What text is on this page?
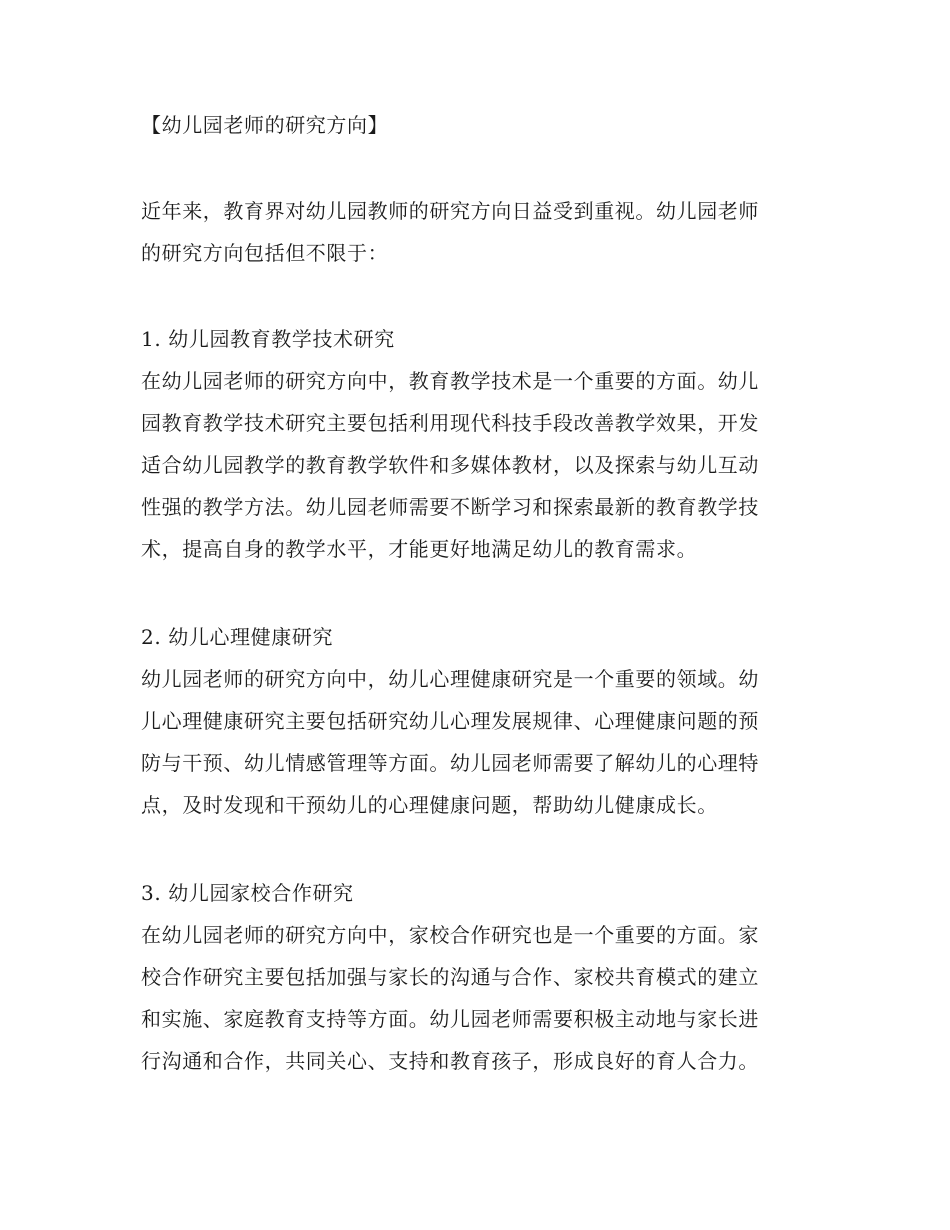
【幼儿园老师的研究方向】
近年来，教育界对幼儿园教师的研究方向日益受到重视。幼儿园老师
的研究方向包括但不限于：
1. 幼儿园教育教学技术研究
在幼儿园老师的研究方向中，教育教学技术是一个重要的方面。幼儿
园教育教学技术研究主要包括利用现代科技手段改善教学效果，开发
适合幼儿园教学的教育教学软件和多媒体教材，以及探索与幼儿互动
性强的教学方法。幼儿园老师需要不断学习和探索最新的教育教学技
术，提高自身的教学水平，才能更好地满足幼儿的教育需求。
2. 幼儿心理健康研究
幼儿园老师的研究方向中，幼儿心理健康研究是一个重要的领域。幼
儿心理健康研究主要包括研究幼儿心理发展规律、心理健康问题的预
防与干预、幼儿情感管理等方面。幼儿园老师需要了解幼儿的心理特
点，及时发现和干预幼儿的心理健康问题，帮助幼儿健康成长。
3. 幼儿园家校合作研究
在幼儿园老师的研究方向中，家校合作研究也是一个重要的方面。家
校合作研究主要包括加强与家长的沟通与合作、家校共育模式的建立
和实施、家庭教育支持等方面。幼儿园老师需要积极主动地与家长进
行沟通和合作，共同关心、支持和教育孩子，形成良好的育人合力。
